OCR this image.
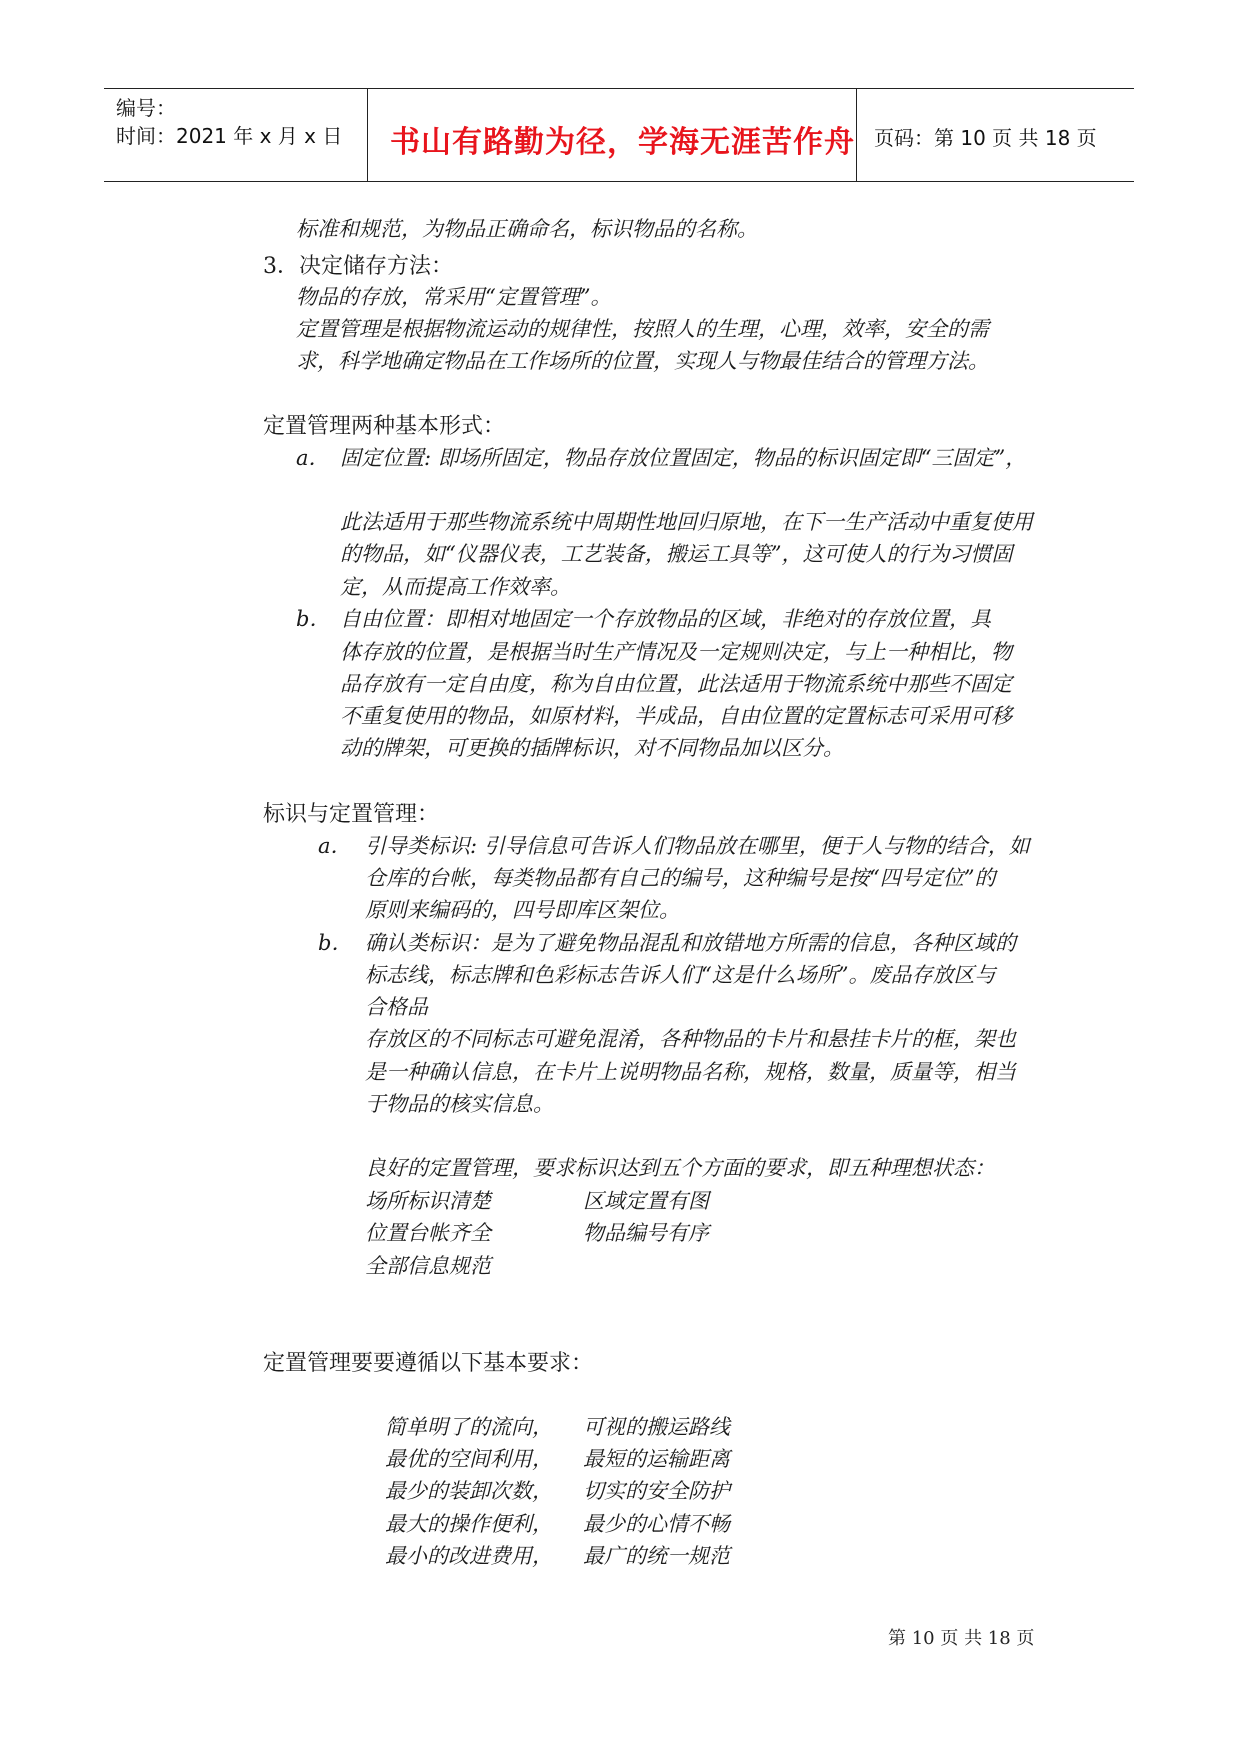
编号：
时间：2021 年 x 月 x 日 书山有路勤为径，学海无涯苦作舟 页码：第 10 页 共 18 页
标准和规范，为物品正确命名，标识物品的名称。
3．决定储存方法：
物品的存放，常采用“定置管理”。
定置管理是根据物流运动的规律性，按照人的生理，心理，效率，安全的需
求，科学地确定物品在工作场所的位置，实现人与物最佳结合的管理方法。
定置管理两种基本形式：
a． 固定位置: 即场所固定，物品存放位置固定，物品的标识固定即“三固定”，
此法适用于那些物流系统中周期性地回归原地，在下一生产活动中重复使用
的物品，如“仪器仪表，工艺装备，搬运工具等”，这可使人的行为习惯固
定，从而提高工作效率。
b． 自由位置：即相对地固定一个存放物品的区域，非绝对的存放位置，具
体存放的位置，是根据当时生产情况及一定规则决定，与上一种相比，物
品存放有一定自由度，称为自由位置，此法适用于物流系统中那些不固定
不重复使用的物品，如原材料，半成品，自由位置的定置标志可采用可移
动的牌架，可更换的插牌标识，对不同物品加以区分。
标识与定置管理：
a． 引导类标识: 引导信息可告诉人们物品放在哪里，便于人与物的结合，如
仓库的台帐，每类物品都有自己的编号，这种编号是按“四号定位”的
原则来编码的，四号即库区架位。
b． 确认类标识：是为了避免物品混乱和放错地方所需的信息，各种区域的
标志线，标志牌和色彩标志告诉人们“这是什么场所”。废品存放区与
合格品
存放区的不同标志可避免混淆，各种物品的卡片和悬挂卡片的框，架也
是一种确认信息，在卡片上说明物品名称，规格，数量，质量等，相当
于物品的核实信息。
良好的定置管理，要求标识达到五个方面的要求，即五种理想状态：
场所标识清楚	区域定置有图
位置台帐齐全	物品编号有序
全部信息规范
定置管理要要遵循以下基本要求：
简单明了的流向， 可视的搬运路线
最优的空间利用， 最短的运输距离
最少的装卸次数， 切实的安全防护
最大的操作便利， 最少的心情不畅
最小的改进费用， 最广的统一规范
第 10 页 共 18 页
